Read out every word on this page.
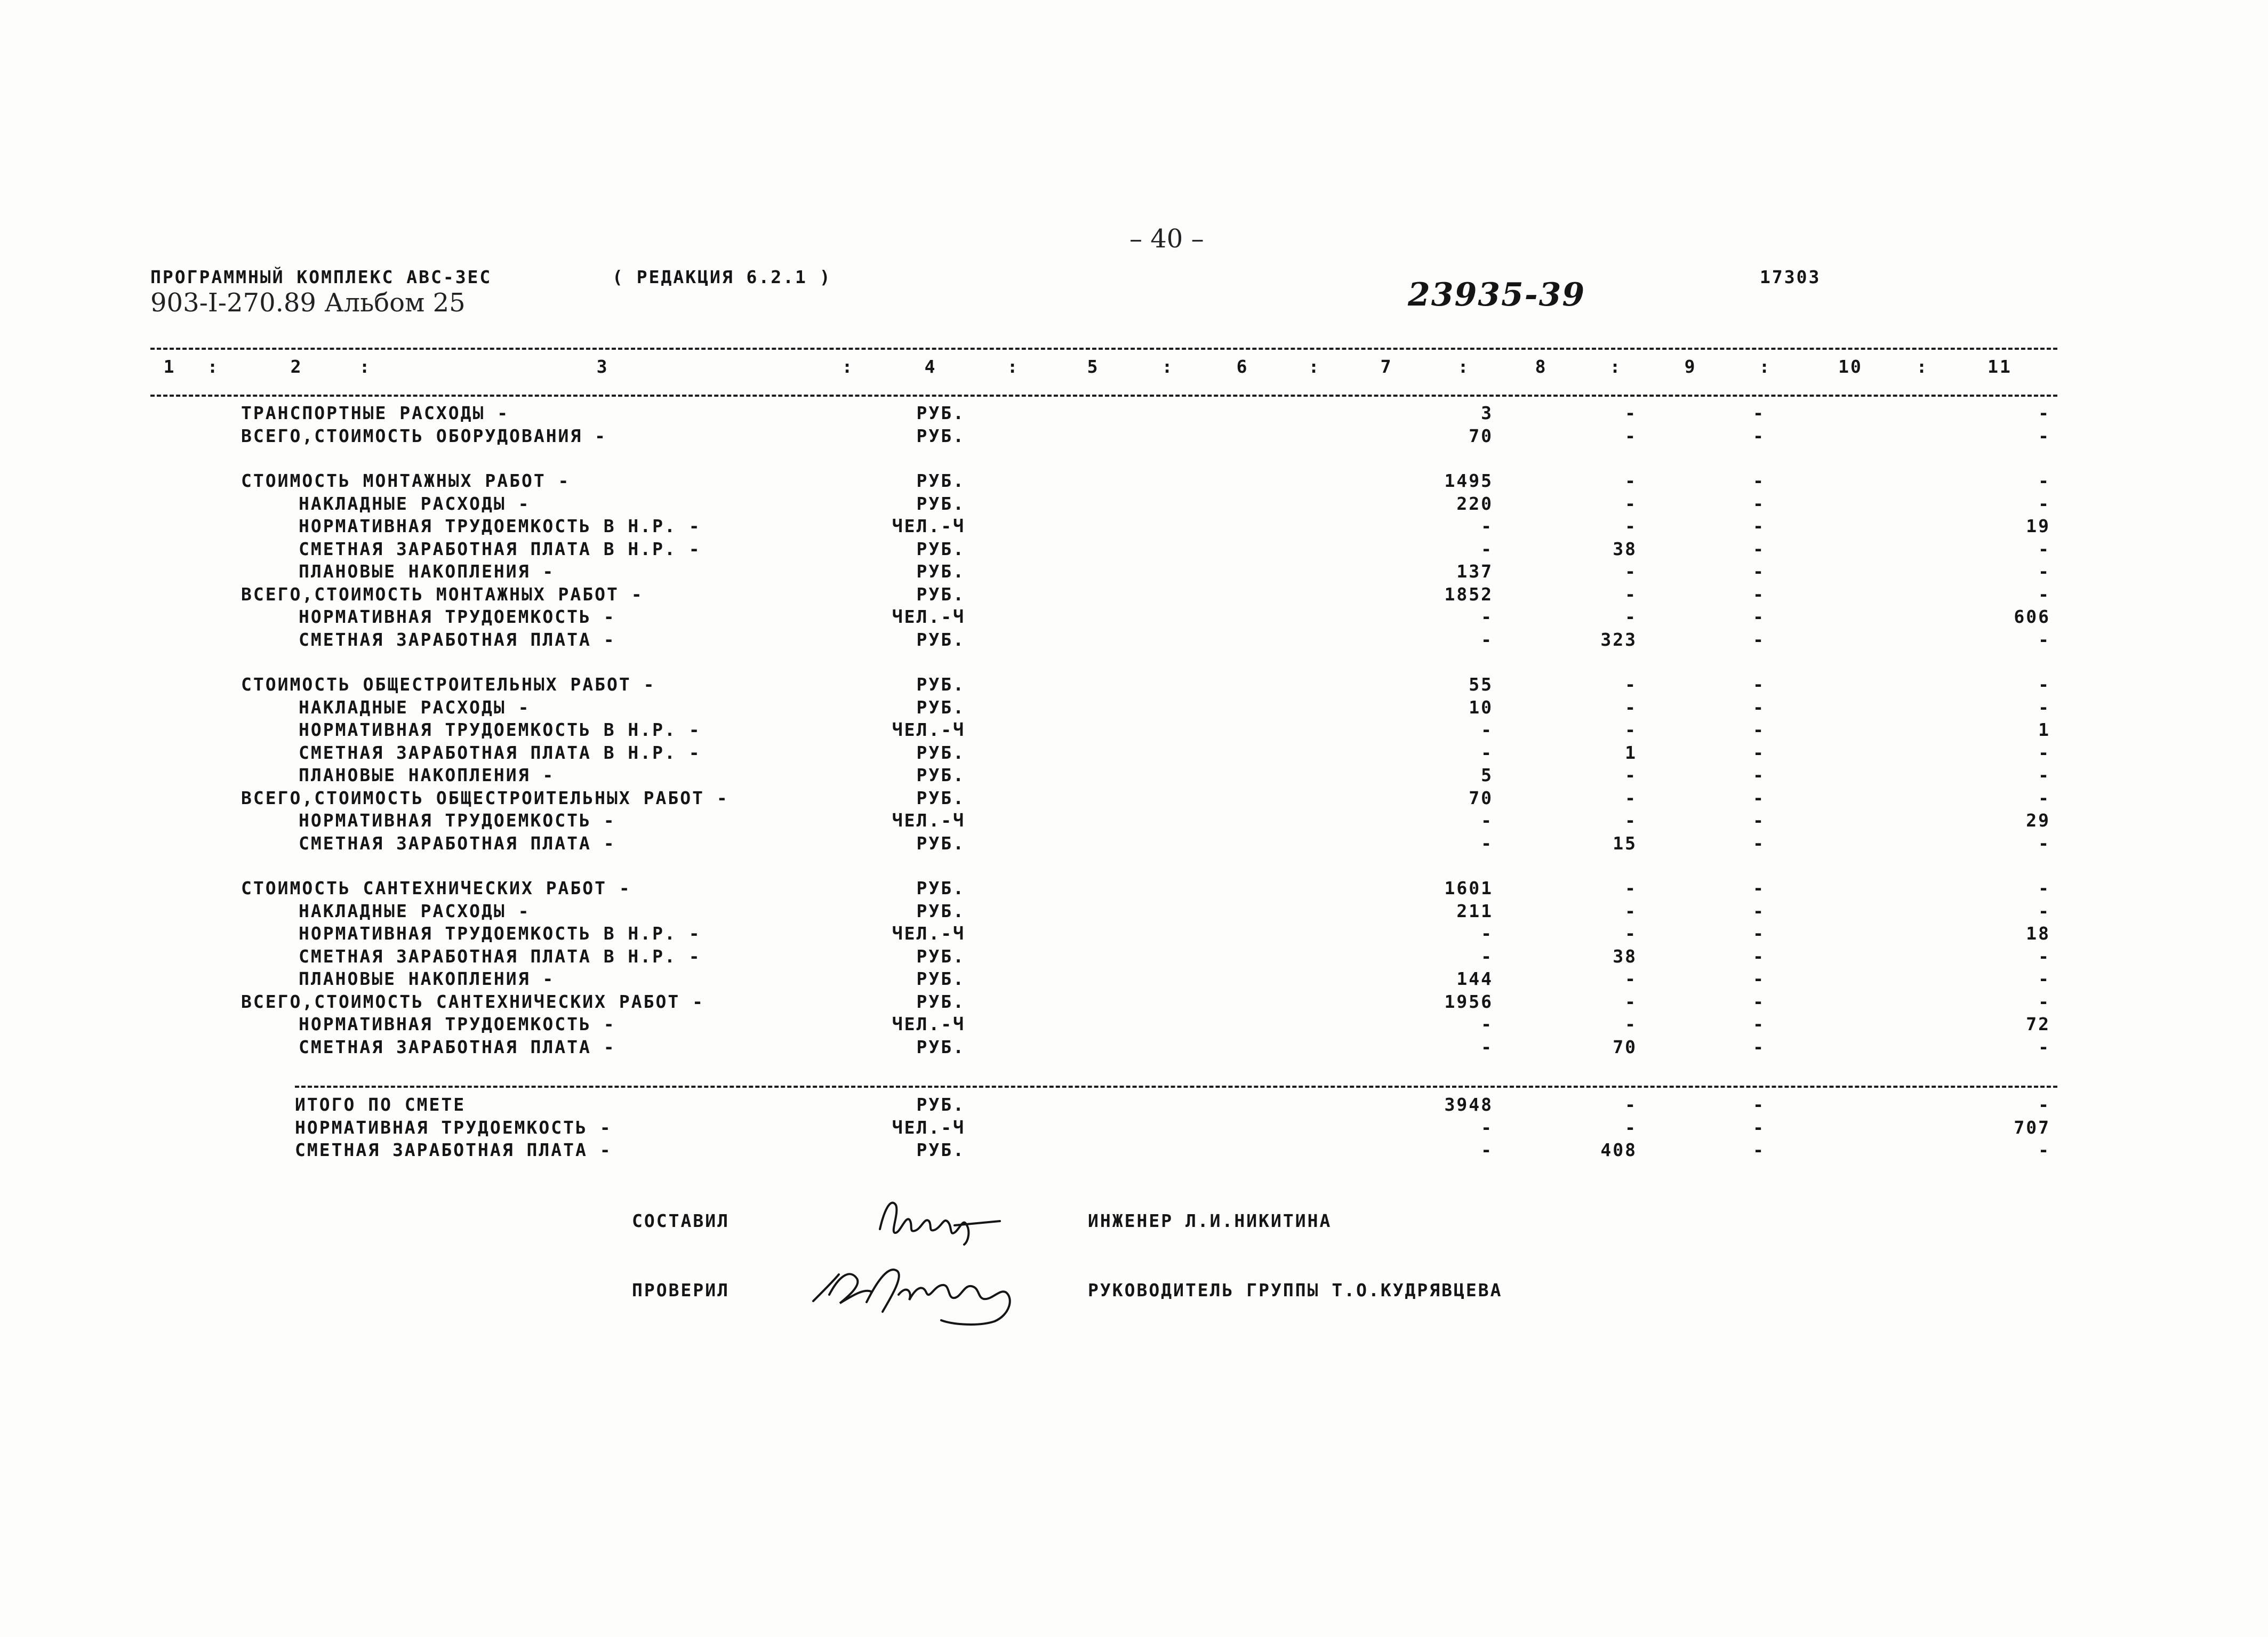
– 40 –
ПРОГРАММНЫЙ КОМПЛЕКС АВС-3ЕС	( РЕДАКЦИЯ 6.2.1 )
903-I-270.89 Альбом 25	23935-39	17303
1	2	3	4	5	6	7	8	9	10	11
:	:	:	:	:	:	:	:	:	:
ТРАНСПОРТНЫЕ РАСХОДЫ -	РУБ.	3	-	-	-
ВСЕГО,СТОИМОСТЬ ОБОРУДОВАНИЯ -	РУБ.	70	-	-	-
СТОИМОСТЬ МОНТАЖНЫХ РАБОТ -	РУБ.	1495	-	-	-
НАКЛАДНЫЕ РАСХОДЫ -	РУБ.	220	-	-	-
НОРМАТИВНАЯ ТРУДОЕМКОСТЬ В Н.Р. -	ЧЕЛ.-Ч	-	-	-	19
СМЕТНАЯ ЗАРАБОТНАЯ ПЛАТА В Н.Р. -	РУБ.	-	38	-	-
ПЛАНОВЫЕ НАКОПЛЕНИЯ -	РУБ.	137	-	-	-
ВСЕГО,СТОИМОСТЬ МОНТАЖНЫХ РАБОТ -	РУБ.	1852	-	-	-
НОРМАТИВНАЯ ТРУДОЕМКОСТЬ -	ЧЕЛ.-Ч	-	-	-	606
СМЕТНАЯ ЗАРАБОТНАЯ ПЛАТА -	РУБ.	-	323	-	-
СТОИМОСТЬ ОБЩЕСТРОИТЕЛЬНЫХ РАБОТ -	РУБ.	55	-	-	-
НАКЛАДНЫЕ РАСХОДЫ -	РУБ.	10	-	-	-
НОРМАТИВНАЯ ТРУДОЕМКОСТЬ В Н.Р. -	ЧЕЛ.-Ч	-	-	-	1
СМЕТНАЯ ЗАРАБОТНАЯ ПЛАТА В Н.Р. -	РУБ.	-	1	-	-
ПЛАНОВЫЕ НАКОПЛЕНИЯ -	РУБ.	5	-	-	-
ВСЕГО,СТОИМОСТЬ ОБЩЕСТРОИТЕЛЬНЫХ РАБОТ -	РУБ.	70	-	-	-
НОРМАТИВНАЯ ТРУДОЕМКОСТЬ -	ЧЕЛ.-Ч	-	-	-	29
СМЕТНАЯ ЗАРАБОТНАЯ ПЛАТА -	РУБ.	-	15	-	-
СТОИМОСТЬ САНТЕХНИЧЕСКИХ РАБОТ -	РУБ.	1601	-	-	-
НАКЛАДНЫЕ РАСХОДЫ -	РУБ.	211	-	-	-
НОРМАТИВНАЯ ТРУДОЕМКОСТЬ В Н.Р. -	ЧЕЛ.-Ч	-	-	-	18
СМЕТНАЯ ЗАРАБОТНАЯ ПЛАТА В Н.Р. -	РУБ.	-	38	-	-
ПЛАНОВЫЕ НАКОПЛЕНИЯ -	РУБ.	144	-	-	-
ВСЕГО,СТОИМОСТЬ САНТЕХНИЧЕСКИХ РАБОТ -	РУБ.	1956	-	-	-
НОРМАТИВНАЯ ТРУДОЕМКОСТЬ -	ЧЕЛ.-Ч	-	-	-	72
СМЕТНАЯ ЗАРАБОТНАЯ ПЛАТА -	РУБ.	-	70	-	-
ИТОГО ПО СМЕТЕ	РУБ.	3948	-	-	-
НОРМАТИВНАЯ ТРУДОЕМКОСТЬ -	ЧЕЛ.-Ч	-	-	-	707
СМЕТНАЯ ЗАРАБОТНАЯ ПЛАТА -	РУБ.	-	408	-	-
СОСТАВИЛ	ИНЖЕНЕР Л.И.НИКИТИНА
ПРОВЕРИЛ	РУКОВОДИТЕЛЬ ГРУППЫ Т.О.КУДРЯВЦЕВА
